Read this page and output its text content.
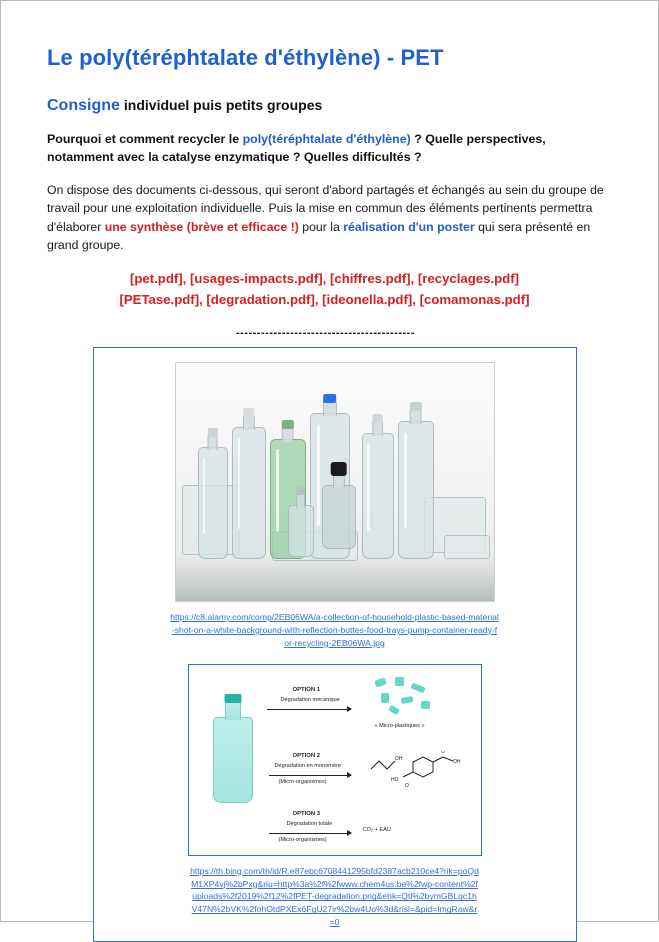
Le poly(téréphtalate d'éthylène) - PET
Consigne individuel puis petits groupes

Pourquoi et comment recycler le poly(téréphtalate d'éthylène) ? Quelle perspectives, notamment avec la catalyse enzymatique ? Quelles difficultés ?

On dispose des documents ci-dessous, qui seront d'abord partagés et échangés au sein du groupe de travail pour une exploitation individuelle. Puis la mise en commun des éléments pertinents permettra d'élaborer une synthèse (brève et efficace !) pour la réalisation d'un poster qui sera présenté en grand groupe.

[pet.pdf], [usages-impacts.pdf], [chiffres.pdf], [recyclages.pdf]
[PETase.pdf], [degradation.pdf], [ideonella.pdf], [comamonas.pdf]
-------------------------------------------
https://c8.alamy.com/comp/2EB06WA/a-collection-of-household-plastic-based-material-shot-on-a-white-background-with-reflection-bottes-food-trays-pump-container-ready-for-recycling-2EB06WA.jpg
OPTION 1
Dégradation mécanique
« Micro-plastiques »
OPTION 2
Dégradation en monomère
(Micro-organismes)
OH	OH
O
HO
O
OPTION 3
Dégradation totale
(Micro-organismes)
CO₂ + EAU
https://th.bing.com/th/id/R.e87ebc6708441295bfd2387acb210ce4?rik=poQdM1XP4vj%2bPxg&riu=http%3a%2f%2fwww.chem4us.be%2fwp-content%2fuploads%2f2019%2f12%2fPET-degradation.png&ehk=Qtl%2bymGBLqc1hV47N%2bVK%2fohOtdPXEx6FgU27ir%2bw4Uo%3d&risl=&pid=ImgRaw&r=0
